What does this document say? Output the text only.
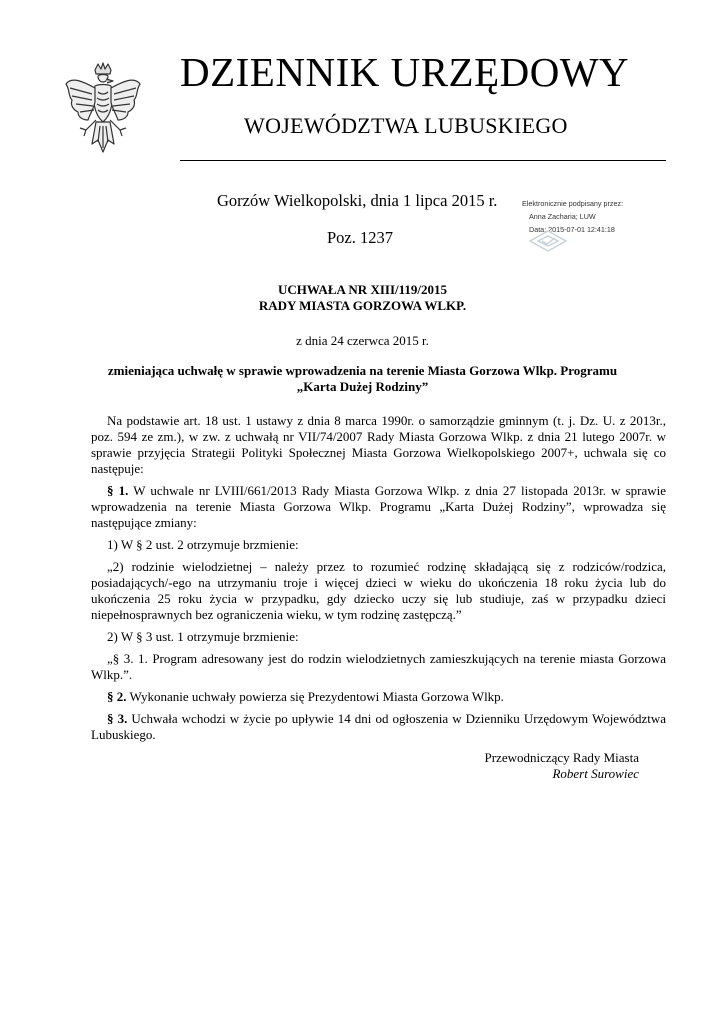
DZIENNIK URZĘDOWY
WOJEWÓDZTWA LUBUSKIEGO
Gorzów Wielkopolski, dnia 1 lipca 2015 r.
Poz. 1237
Elektronicznie podpisany przez:
Anna Zacharia; LUW
Data: 2015-07-01 12:41:18
UCHWAŁA NR XIII/119/2015
RADY MIASTA GORZOWA WLKP.
z dnia 24 czerwca 2015 r.
zmieniająca uchwałę w sprawie wprowadzenia na terenie Miasta Gorzowa Wlkp. Programu
„Karta Dużej Rodziny”

Na podstawie art. 18 ust. 1 ustawy z dnia 8 marca 1990r. o samorządzie gminnym (t. j. Dz. U. z 2013r., poz. 594 ze zm.), w zw. z uchwałą nr VII/74/2007 Rady Miasta Gorzowa Wlkp. z dnia 21 lutego 2007r. w sprawie przyjęcia Strategii Polityki Społecznej Miasta Gorzowa Wielkopolskiego 2007+, uchwala się co następuje:

§ 1. W uchwale nr LVIII/661/2013 Rady Miasta Gorzowa Wlkp. z dnia 27 listopada 2013r. w sprawie wprowadzenia na terenie Miasta Gorzowa Wlkp. Programu „Karta Dużej Rodziny”, wprowadza się następujące zmiany:

1) W § 2 ust. 2 otrzymuje brzmienie:

„2) rodzinie wielodzietnej – należy przez to rozumieć rodzinę składającą się z rodziców/rodzica, posiadających/-ego na utrzymaniu troje i więcej dzieci w wieku do ukończenia 18 roku życia lub do ukończenia 25 roku życia w przypadku, gdy dziecko uczy się lub studiuje, zaś w przypadku dzieci niepełnosprawnych bez ograniczenia wieku, w tym rodzinę zastępczą.”

2) W § 3 ust. 1 otrzymuje brzmienie:

„§ 3. 1. Program adresowany jest do rodzin wielodzietnych zamieszkujących na terenie miasta Gorzowa Wlkp.”.

§ 2. Wykonanie uchwały powierza się Prezydentowi Miasta Gorzowa Wlkp.

§ 3. Uchwała wchodzi w życie po upływie 14 dni od ogłoszenia w Dzienniku Urzędowym Województwa Lubuskiego.

Przewodniczący Rady Miasta
Robert Surowiec
